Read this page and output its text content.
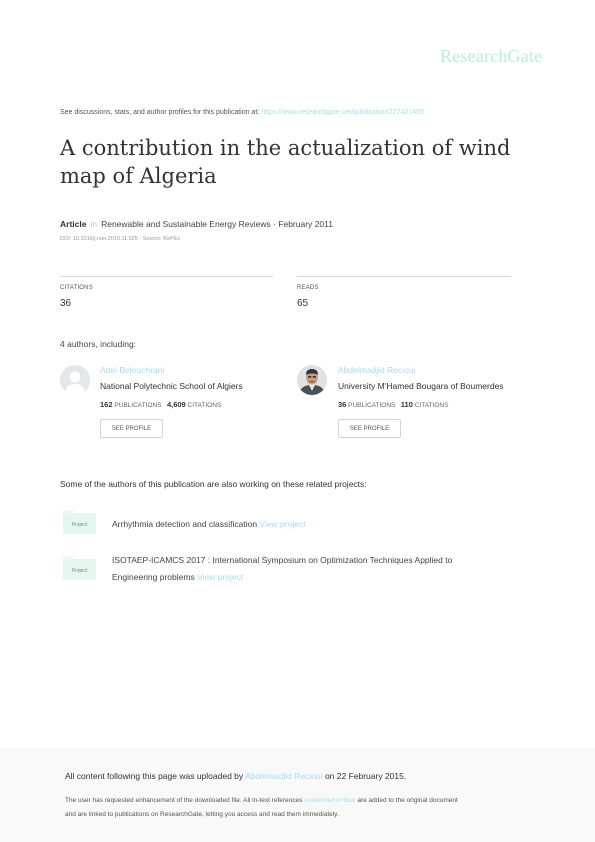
ResearchGate
See discussions, stats, and author profiles for this publication at: https://www.researchgate.net/publication/227421465
A contribution in the actualization of wind map of Algeria
Article in Renewable and Sustainable Energy Reviews · February 2011
DOI: 10.1016/j.rser.2010.11.025 · Source: RePEc
CITATIONS
36
READS
65
4 authors, including:
Adel Belouchrani
National Polytechnic School of Algiers
162 PUBLICATIONS 4,609 CITATIONS
SEE PROFILE
Abdelmadjid Recioui
University M'Hamed Bougara of Boumerdes
36 PUBLICATIONS 110 CITATIONS
SEE PROFILE
Some of the authors of this publication are also working on these related projects:
Project	Arrhythmia detection and classification View project
Project
ISOTAEP-ICAMCS 2017 : International Symposium on Optimization Techniques Applied to
Engineering problems View project
All content following this page was uploaded by Abdelmadjid Recioui on 22 February 2015.
The user has requested enhancement of the downloaded file. All in-text references underlined in blue are added to the original document
and are linked to publications on ResearchGate, letting you access and read them immediately.
